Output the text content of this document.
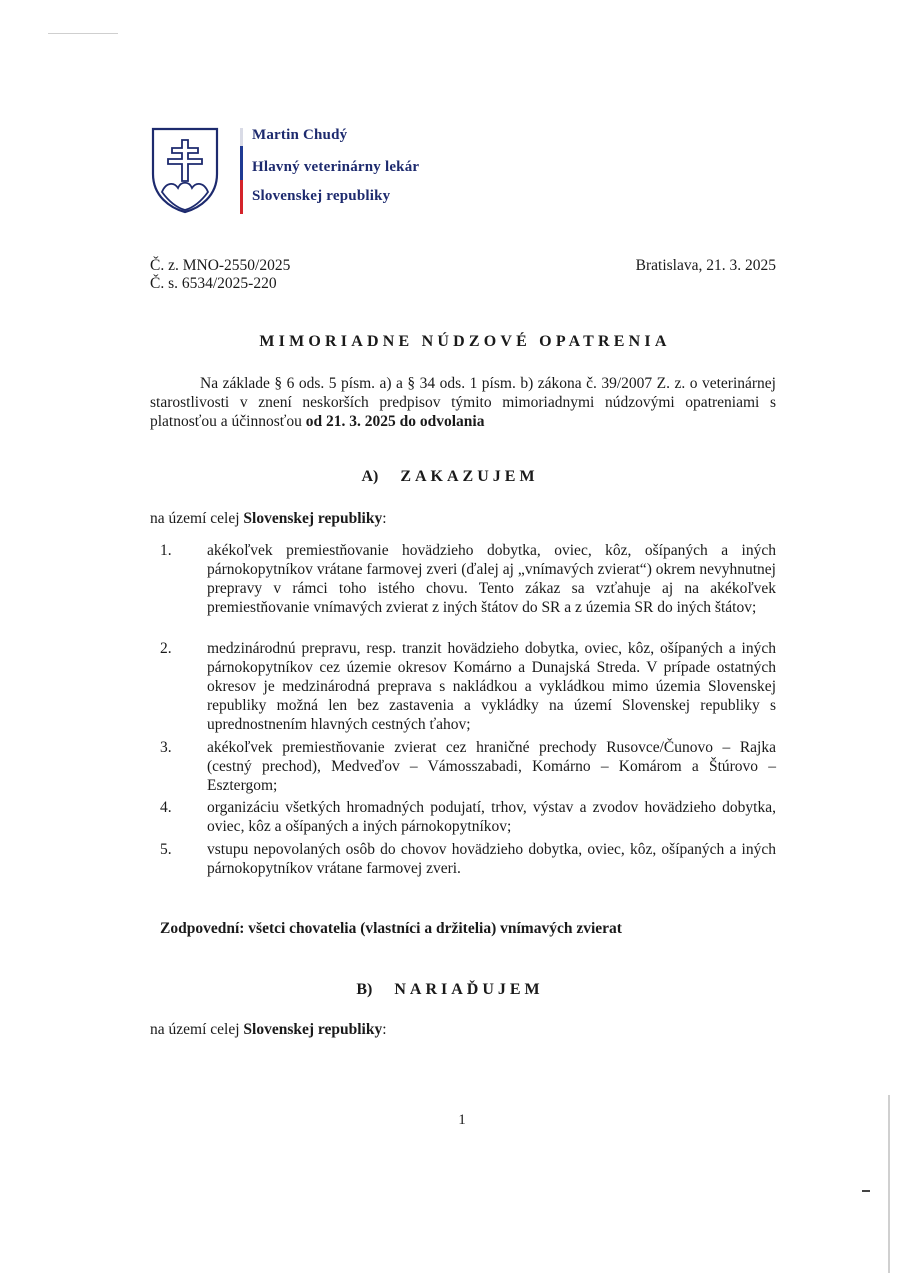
Martin Chudý
Hlavný veterinárny lekár
Slovenskej republiky
Č. z. MNO-2550/2025
Č. s. 6534/2025-220
Bratislava, 21. 3. 2025
MIMORIADNE NÚDZOVÉ OPATRENIA
Na základe § 6 ods. 5 písm. a) a § 34 ods. 1 písm. b) zákona č. 39/2007 Z. z. o veterinárnej starostlivosti v znení neskorších predpisov týmito mimoriadnymi núdzovými opatreniami s platnosťou a účinnosťou od 21. 3. 2025 do odvolania
A) ZAKAZUJEM
na území celej Slovenskej republiky:
1. akékoľvek premiestňovanie hovädzieho dobytka, oviec, kôz, ošípaných a iných párnokopytníkov vrátane farmovej zveri (ďalej aj „vnímavých zvierat“) okrem nevyhnutnej prepravy v rámci toho istého chovu. Tento zákaz sa vzťahuje aj na akékoľvek premiestňovanie vnímavých zvierat z iných štátov do SR a z územia SR do iných štátov;
2. medzinárodnú prepravu, resp. tranzit hovädzieho dobytka, oviec, kôz, ošípaných a iných párnokopytníkov cez územie okresov Komárno a Dunajská Streda. V prípade ostatných okresov je medzinárodná preprava s nakládkou a vykládkou mimo územia Slovenskej republiky možná len bez zastavenia a vykládky na území Slovenskej republiky s uprednostnením hlavných cestných ťahov;
3. akékoľvek premiestňovanie zvierat cez hraničné prechody Rusovce/Čunovo – Rajka (cestný prechod), Medveďov – Vámosszabadi, Komárno – Komárom a Štúrovo – Esztergom;
4. organizáciu všetkých hromadných podujatí, trhov, výstav a zvodov hovädzieho dobytka, oviec, kôz a ošípaných a iných párnokopytníkov;
5. vstupu nepovolaných osôb do chovov hovädzieho dobytka, oviec, kôz, ošípaných a iných párnokopytníkov vrátane farmovej zveri.
Zodpovední: všetci chovatelia (vlastníci a držitelia) vnímavých zvierat
B) NARIAĎUJEM
na území celej Slovenskej republiky:
1
